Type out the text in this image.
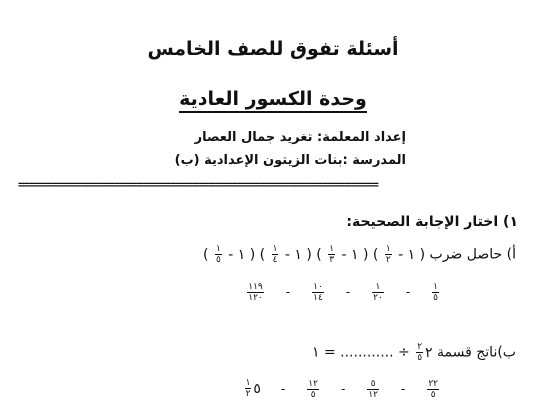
أسئلة تفوق للصف الخامس
وحدة الكسور العادية
إعداد المعلمة: تغريد جمال العصار
المدرسة :بنات الزيتون الإعدادية (ب)
================================================================
١) اختار الإجابة الصحيحة:
أ) حاصل ضرب ( ١ -
$\frac{١}{٢}$
) ( ١ -
$\frac{١}{٣}$
) ( ١ -
$\frac{١}{٤}$
) ( ١ -
$\frac{١}{٥}$
)
$\frac{١}{٥}$
-
$\frac{١}{٢٠}$
-
$\frac{١٠}{١٤}$
-
$\frac{١١٩}{١٢٠}$
ب)ناتج قسمة ٢
$\frac{٢}{٥}$
÷ ............ = ١
$\frac{٢٢}{٥}$
-
$\frac{٥}{١٢}$
-
$\frac{١٢}{٥}$
-٥
$\frac{١}{٢}$
